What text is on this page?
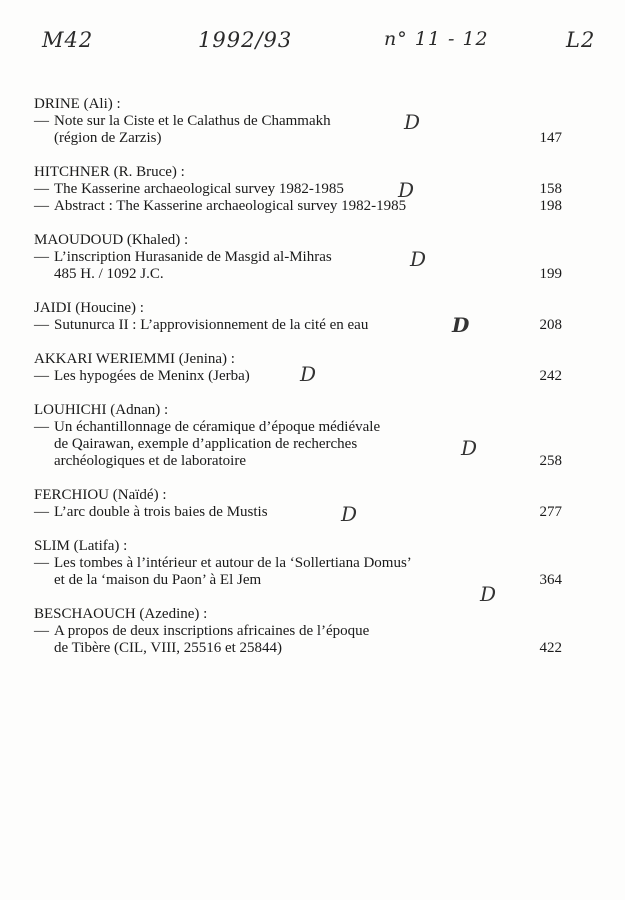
M42	1992/93	n° 11 - 12	L2
DRINE (Ali) :
— Note sur la Ciste et le Calathus de Chammakh
(région de Zarzis)	147
HITCHNER (R. Bruce) :
— The Kasserine archaeological survey 1982-1985	158
— Abstract : The Kasserine archaeological survey 1982-1985	198
MAOUDOUD (Khaled) :
— L’inscription Hurasanide de Masgid al-Mihras
485 H. / 1092 J.C.	199
JAIDI (Houcine) :
— Sutunurca II : L’approvisionnement de la cité en eau	208
AKKARI WERIEMMI (Jenina) :
— Les hypogées de Meninx (Jerba)	242
LOUHICHI (Adnan) :
— Un échantillonnage de céramique d’époque médiévale
de Qairawan, exemple d’application de recherches
archéologiques et de laboratoire	258
FERCHIOU (Naïdé) :
— L’arc double à trois baies de Mustis	277
SLIM (Latifa) :
— Les tombes à l’intérieur et autour de la ‘Sollertiana Domus’
et de la ‘maison du Paon’ à El Jem	364
BESCHAOUCH (Azedine) :
— A propos de deux inscriptions africaines de l’époque
de Tibère (CIL, VIII, 25516 et 25844)	422
D
D
D
D
D
D
D
D
